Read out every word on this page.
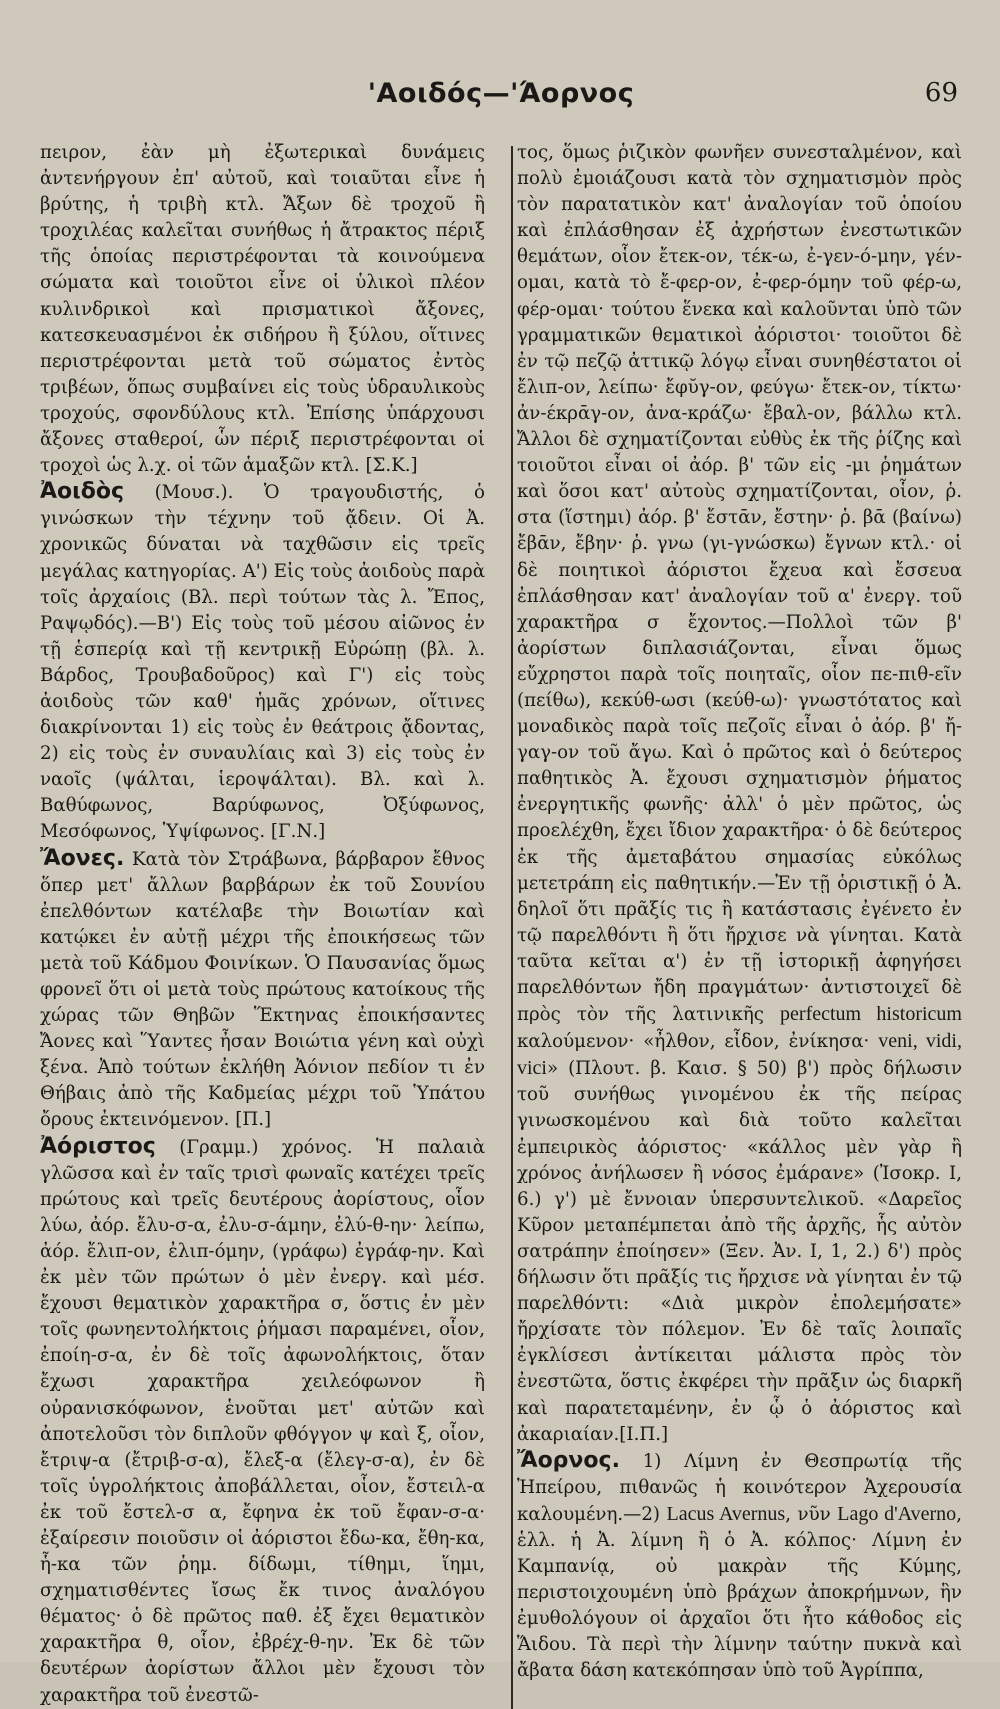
'Αοιδός—'Άορνος	69

πειρον, ἐὰν μὴ ἐξωτερικαὶ δυνάμεις ἀντενήργουν ἐπ' αὐτοῦ, καὶ τοιαῦται εἶνε ἡ βρύτης, ἡ τριβὴ κτλ. Ἄξων δὲ τροχοῦ ἢ τροχιλέας καλεῖται συνήθως ἡ ἄτρακτος πέριξ τῆς ὁποίας περιστρέφονται τὰ κοινούμενα σώματα καὶ τοιοῦτοι εἶνε οἱ ὑλικοὶ πλέον κυλινδρικοὶ καὶ πρισματικοὶ ἄξονες, κατεσκευασμένοι ἐκ σιδήρου ἢ ξύλου, οἵτινες περιστρέφονται μετὰ τοῦ σώματος ἐντὸς τριβέων, ὅπως συμβαίνει εἰς τοὺς ὑδραυλικοὺς τροχούς, σφονδύλους κτλ. Ἐπίσης ὑπάρχουσι ἄξονες σταθεροί, ὧν πέριξ περιστρέφονται οἱ τροχοὶ ὡς λ.χ. οἱ τῶν ἁμαξῶν κτλ. [Σ.Κ.]

Ἀοιδὸς (Μουσ.). Ὁ τραγουδιστής, ὁ γινώσκων τὴν τέχνην τοῦ ᾄδειν. Οἱ Ἀ. χρονικῶς δύναται νὰ ταχθῶσιν εἰς τρεῖς μεγάλας κατηγορίας. Α') Εἰς τοὺς ἀοιδοὺς παρὰ τοῖς ἀρχαίοις (Βλ. περὶ τούτων τὰς λ. Ἔπος, Ραψῳδός).—Β') Εἰς τοὺς τοῦ μέσου αἰῶνος ἐν τῇ ἑσπερίᾳ καὶ τῇ κεντρικῇ Εὐρώπῃ (βλ. λ. Βάρδος, Τρουβαδοῦρος) καὶ Γ') εἰς τοὺς ἀοιδοὺς τῶν καθ' ἡμᾶς χρόνων, οἵτινες διακρίνονται 1) εἰς τοὺς ἐν θεάτροις ᾄδοντας, 2) εἰς τοὺς ἐν συναυλίαις καὶ 3) εἰς τοὺς ἐν ναοῖς (ψάλται, ἱεροψάλται). Βλ. καὶ λ. Βαθύφωνος, Βαρύφωνος, Ὀξύφωνος, Μεσόφωνος, Ὑψίφωνος. [Γ.Ν.]

Ἄονες. Κατὰ τὸν Στράβωνα, βάρβαρον ἔθνος ὅπερ μετ' ἄλλων βαρβάρων ἐκ τοῦ Σουνίου ἐπελθόντων κατέλαβε τὴν Βοιωτίαν καὶ κατῴκει ἐν αὐτῇ μέχρι τῆς ἐποικήσεως τῶν μετὰ τοῦ Κάδμου Φοινίκων. Ὁ Παυσανίας ὅμως φρονεῖ ὅτι οἱ μετὰ τοὺς πρώτους κατοίκους τῆς χώρας τῶν Θηβῶν Ἕκτηνας ἐποικήσαντες Ἄονες καὶ Ὕαντες ἦσαν Βοιώτια γένη καὶ οὐχὶ ξένα. Ἀπὸ τούτων ἐκλήθη Ἀόνιον πεδίον τι ἐν Θήβαις ἀπὸ τῆς Καδμείας μέχρι τοῦ Ὑπάτου ὄρους ἐκτεινόμενον. [Π.]

Ἀόριστος (Γραμμ.) χρόνος. Ἡ παλαιὰ γλῶσσα καὶ ἐν ταῖς τρισὶ φωναῖς κατέχει τρεῖς πρώτους καὶ τρεῖς δευτέρους ἀορίστους, οἷον λύω, ἀόρ. ἔλυ-σ-α, ἐλυ-σ-άμην, ἐλύ-θ-ην· λείπω, ἀόρ. ἔλιπ-ον, ἐλιπ-όμην, (γράφω) ἐγράφ-ην. Καὶ ἐκ μὲν τῶν πρώτων ὁ μὲν ἐνεργ. καὶ μέσ. ἔχουσι θεματικὸν χαρακτῆρα σ, ὅστις ἐν μὲν τοῖς φωνηεντολήκτοις ῥήμασι παραμένει, οἷον, ἐποίη-σ-α, ἐν δὲ τοῖς ἀφωνολήκτοις, ὅταν ἔχωσι χαρακτῆρα χειλεόφωνον ἢ οὐρανισκόφωνον, ἑνοῦται μετ' αὐτῶν καὶ ἀποτελοῦσι τὸν διπλοῦν φθόγγον ψ καὶ ξ, οἷον, ἔτριψ-α (ἔτριβ-σ-α), ἔλεξ-α (ἔλεγ-σ-α), ἐν δὲ τοῖς ὑγρολήκτοις ἀποβάλλεται, οἷον, ἔστειλ-α ἐκ τοῦ ἔστελ-σ α, ἔφηνα ἐκ τοῦ ἔφαν-σ-α· ἐξαίρεσιν ποιοῦσιν οἱ ἀόριστοι ἔδω-κα, ἔθη-κα, ἧ-κα τῶν ῥημ. δίδωμι, τίθημι, ἵημι, σχηματισθέντες ἴσως ἔκ τινος ἀναλόγου θέματος· ὁ δὲ πρῶτος παθ. ἐξ ἔχει θεματικὸν χαρακτῆρα θ, οἷον, ἐβρέχ-θ-ην. Ἐκ δὲ τῶν δευτέρων ἀορίστων ἄλλοι μὲν ἔχουσι τὸν χαρακτῆρα τοῦ ἐνεστῶ-

τος, ὅμως ῥιζικὸν φωνῆεν συνεσταλμένον, καὶ πολὺ ἐμοιάζουσι κατὰ τὸν σχηματισμὸν πρὸς τὸν παρατατικὸν κατ' ἀναλογίαν τοῦ ὁποίου καὶ ἐπλάσθησαν ἐξ ἀχρήστων ἐνεστωτικῶν θεμάτων, οἷον ἔτεκ-ον, τέκ-ω, ἐ-γεν-ό-μην, γέν-ομαι, κατὰ τὸ ἔ-φερ-ον, ἐ-φερ-όμην τοῦ φέρ-ω, φέρ-ομαι· τούτου ἕνεκα καὶ καλοῦνται ὑπὸ τῶν γραμματικῶν θεματικοὶ ἀόριστοι· τοιοῦτοι δὲ ἐν τῷ πεζῷ ἀττικῷ λόγῳ εἶναι συνηθέστατοι οἱ ἔλιπ-ον, λείπω· ἔφῠγ-ον, φεύγω· ἔτεκ-ον, τίκτω· ἀν-έκρᾱγ-ον, ἀνα-κράζω· ἔβαλ-ον, βάλλω κτλ. Ἄλλοι δὲ σχηματίζονται εὐθὺς ἐκ τῆς ῥίζης καὶ τοιοῦτοι εἶναι οἱ ἀόρ. β' τῶν εἰς -μι ῥημάτων καὶ ὅσοι κατ' αὐτοὺς σχηματίζονται, οἷον, ῥ. στα (ἵστημι) ἀόρ. β' ἔστᾱν, ἔστην· ῥ. βᾱ (βαίνω) ἔβᾱν, ἔβην· ῥ. γνω (γι-γνώσκω) ἔγνων κτλ.· οἱ δὲ ποιητικοὶ ἀόριστοι ἔχευα καὶ ἔσσευα ἐπλάσθησαν κατ' ἀναλογίαν τοῦ α' ἐνεργ. τοῦ χαρακτῆρα σ ἔχοντος.—Πολλοὶ τῶν β' ἀορίστων διπλασιάζονται, εἶναι ὅμως εὔχρηστοι παρὰ τοῖς ποιηταῖς, οἷον πε-πιθ-εῖν (πείθω), κεκύθ-ωσι (κεύθ-ω)· γνωστότατος καὶ μοναδικὸς παρὰ τοῖς πεζοῖς εἶναι ὁ ἀόρ. β' ἤ-γαγ-ον τοῦ ἄγω. Καὶ ὁ πρῶτος καὶ ὁ δεύτερος παθητικὸς Ἀ. ἔχουσι σχηματισμὸν ῥήματος ἐνεργητικῆς φωνῆς· ἀλλ' ὁ μὲν πρῶτος, ὡς προελέχθη, ἔχει ἴδιον χαρακτῆρα· ὁ δὲ δεύτερος ἐκ τῆς ἀμεταβάτου σημασίας εὐκόλως μετετράπη εἰς παθητικήν.—Ἐν τῇ ὁριστικῇ ὁ Ἀ. δηλοῖ ὅτι πρᾶξίς τις ἢ κατάστασις ἐγένετο ἐν τῷ παρελθόντι ἢ ὅτι ἤρχισε νὰ γίνηται. Κατὰ ταῦτα κεῖται α') ἐν τῇ ἱστορικῇ ἀφηγήσει παρελθόντων ἤδη πραγμάτων· ἀντιστοιχεῖ δὲ πρὸς τὸν τῆς λατινικῆς perfectum historicum καλούμενον· «ἦλθον, εἶδον, ἐνίκησα· veni, vidi, vici» (Πλουτ. β. Καισ. § 50) β') πρὸς δήλωσιν τοῦ συνήθως γινομένου ἐκ τῆς πείρας γινωσκομένου καὶ διὰ τοῦτο καλεῖται ἐμπειρικὸς ἀόριστος· «κάλλος μὲν γὰρ ἢ χρόνος ἀνήλωσεν ἢ νόσος ἐμάρανε» (Ἰσοκρ. I, 6.) γ') μὲ ἔννοιαν ὑπερσυντελικοῦ. «Δαρεῖος Κῦρον μεταπέμπεται ἀπὸ τῆς ἀρχῆς, ἧς αὐτὸν σατράπην ἐποίησεν» (Ξεν. Ἀν. I, 1, 2.) δ') πρὸς δήλωσιν ὅτι πρᾶξίς τις ἤρχισε νὰ γίνηται ἐν τῷ παρελθόντι: «Διὰ μικρὸν ἐπολεμήσατε» ἤρχίσατε τὸν πόλεμον. Ἐν δὲ ταῖς λοιπαῖς ἐγκλίσεσι ἀντίκειται μάλιστα πρὸς τὸν ἐνεστῶτα, ὅστις ἐκφέρει τὴν πρᾶξιν ὡς διαρκῆ καὶ παρατεταμένην, ἐν ᾧ ὁ ἀόριστος καὶ ἀκαριαίαν.[Ι.Π.]

Ἄορνος. 1) Λίμνη ἐν Θεσπρωτίᾳ τῆς Ἠπείρου, πιθανῶς ἡ κοινότερον Ἀχερουσία καλουμένη.—2) Lacus Avernus, νῦν Lago d'Averno, ἑλλ. ἡ Ἀ. λίμνη ἢ ὁ Ἀ. κόλπος· Λίμνη ἐν Καμπανίᾳ, οὐ μακρὰν τῆς Κύμης, περιστοιχουμένη ὑπὸ βράχων ἀποκρήμνων, ἣν ἐμυθολόγουν οἱ ἀρχαῖοι ὅτι ἦτο κάθοδος εἰς Ἅιδου. Τὰ περὶ τὴν λίμνην ταύτην πυκνὰ καὶ ἄβατα δάση κατεκόπησαν ὑπὸ τοῦ Ἀγρίππα,
